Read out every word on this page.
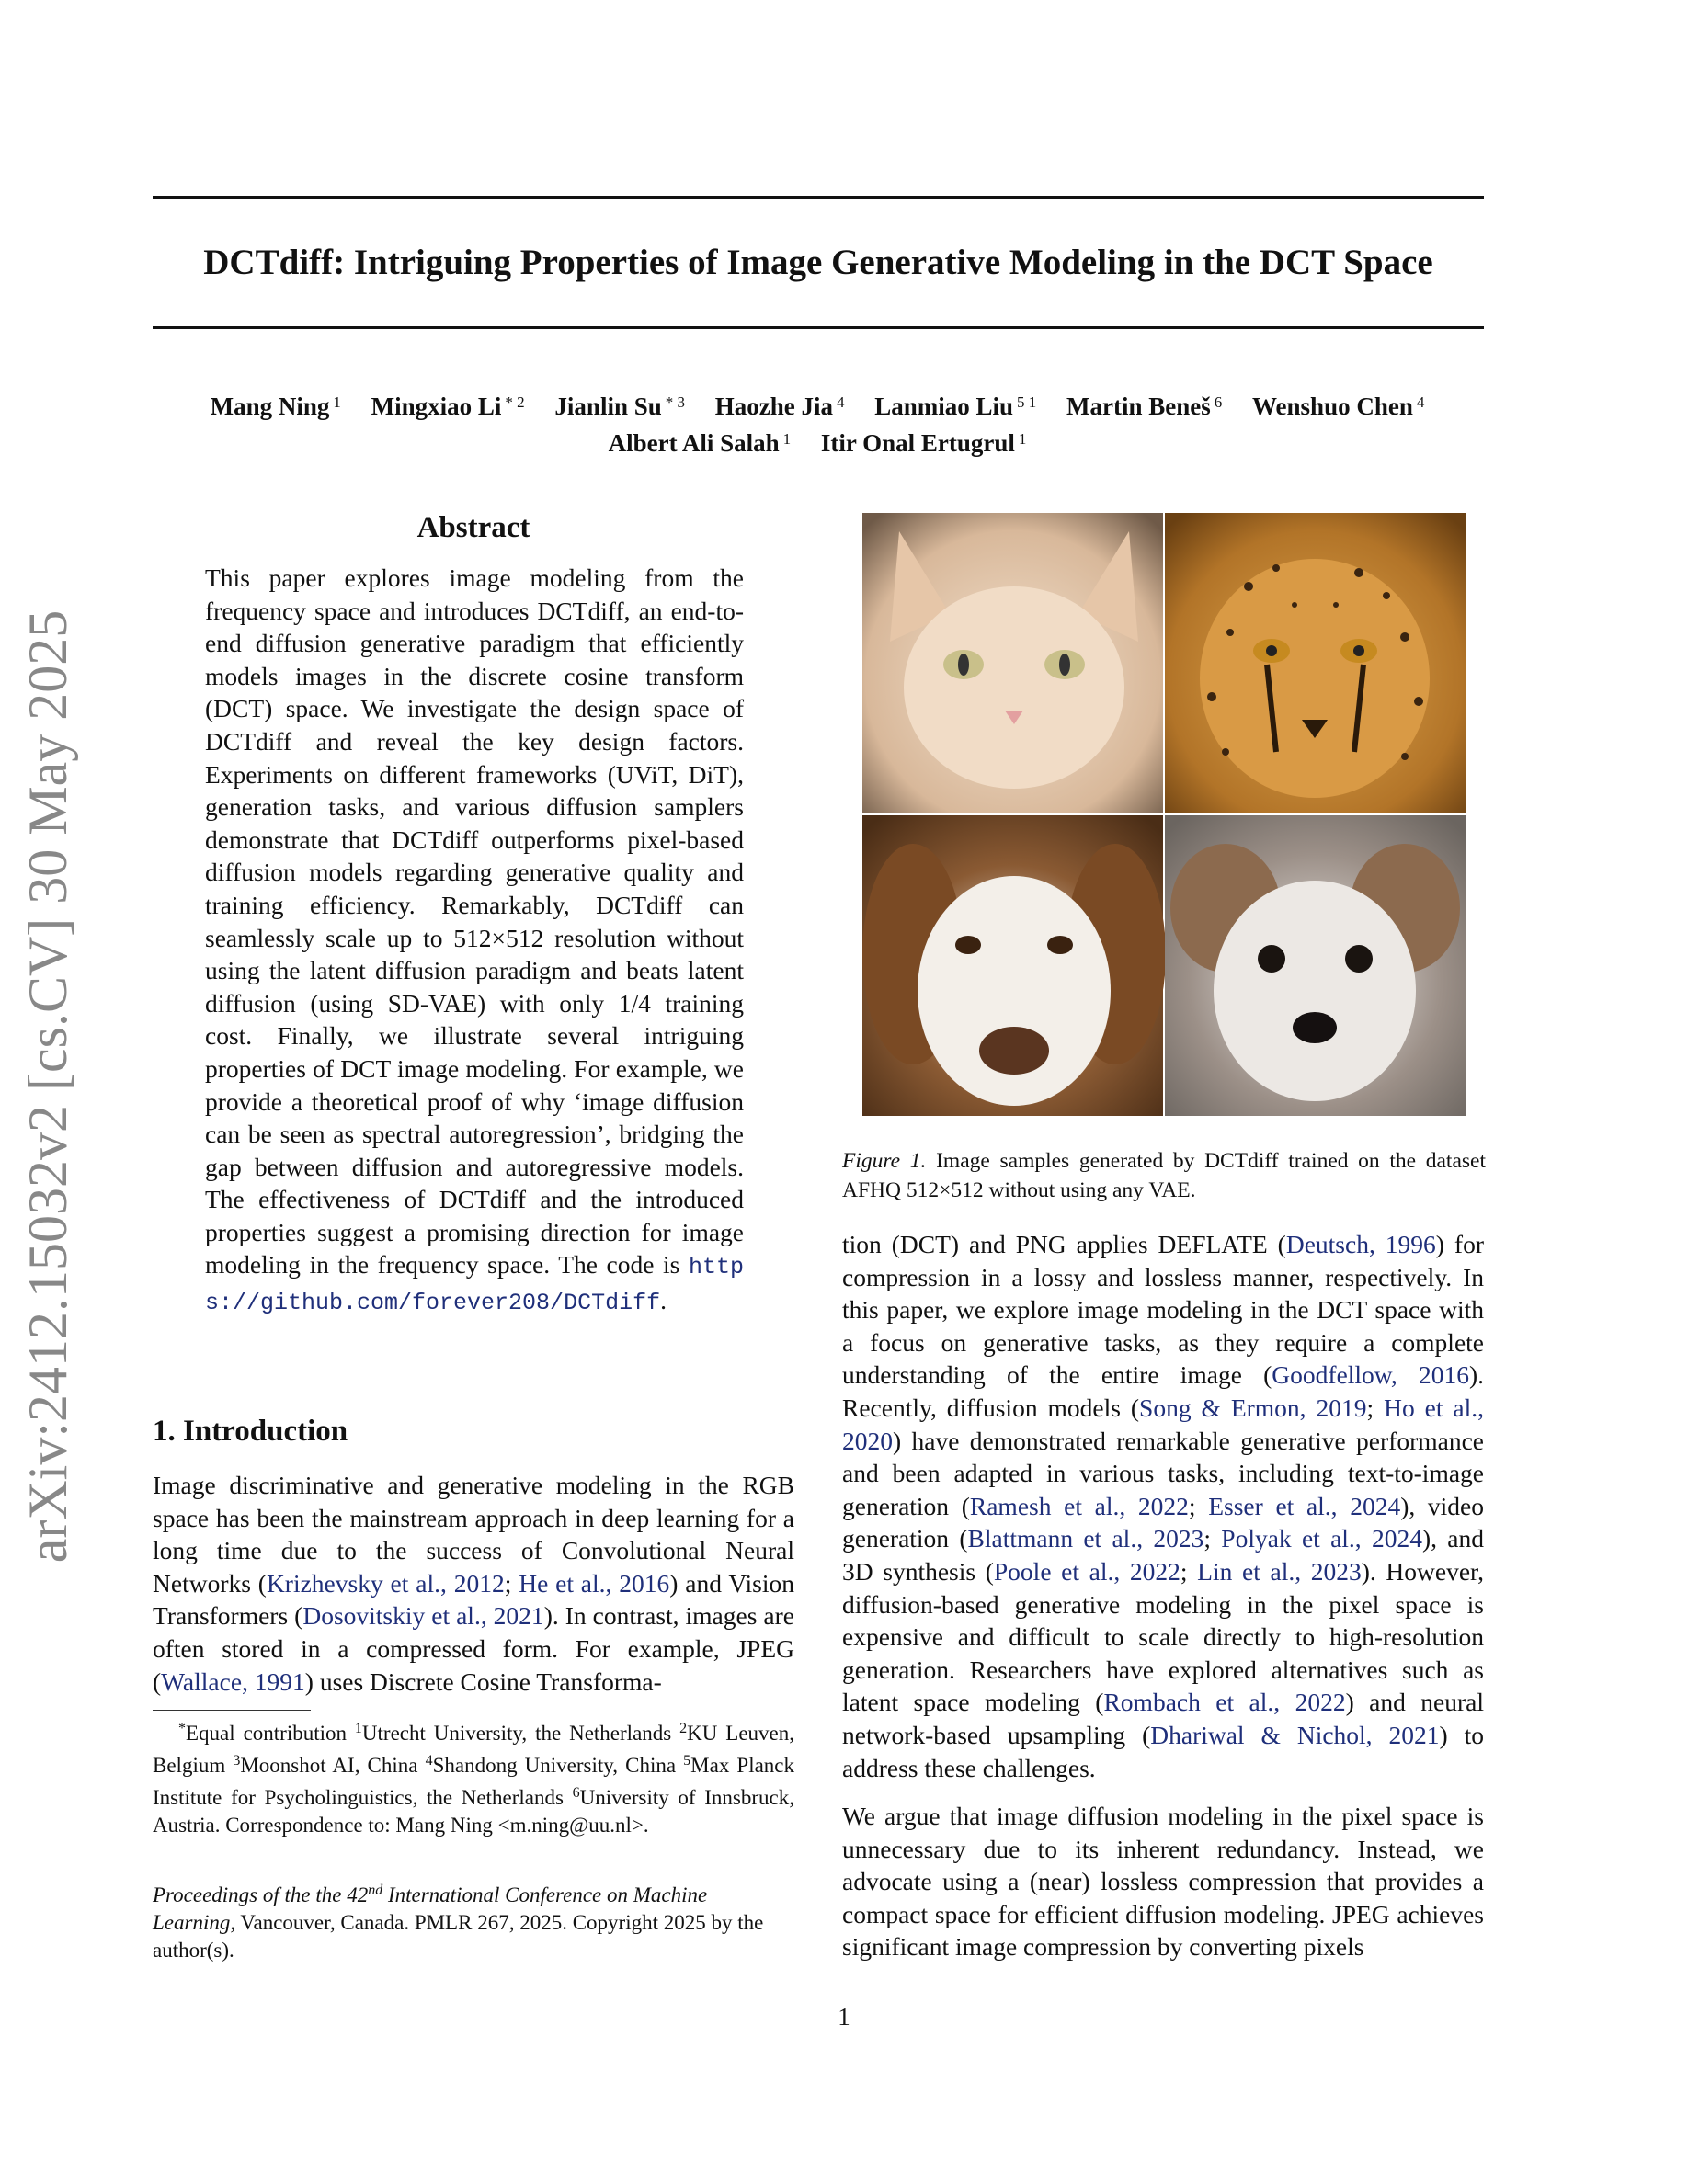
DCTdiff: Intriguing Properties of Image Generative Modeling in the DCT Space
Mang Ning $^1$ Mingxiao Li $^{* 2}$ Jianlin Su $^{* 3}$ Haozhe Jia $^4$ Lanmiao Liu $^{5 1}$ Martin Beneš $^6$ Wenshuo Chen $^4$
Albert Ali Salah $^1$ Itir Onal Ertugrul $^1$
arXiv:2412.15032v2 [cs.CV] 30 May 2025
Abstract
This paper explores image modeling from the frequency space and introduces DCTdiff, an end-to-end diffusion generative paradigm that efficiently models images in the discrete cosine transform (DCT) space. We investigate the design space of DCTdiff and reveal the key design factors. Experiments on different frameworks (UViT, DiT), generation tasks, and various diffusion samplers demonstrate that DCTdiff outperforms pixel-based diffusion models regarding generative quality and training efficiency. Remarkably, DCTdiff can seamlessly scale up to 512×512 resolution without using the latent diffusion paradigm and beats latent diffusion (using SD-VAE) with only 1/4 training cost. Finally, we illustrate several intriguing properties of DCT image modeling. For example, we provide a theoretical proof of why ‘image diffusion can be seen as spectral autoregression’, bridging the gap between diffusion and autoregressive models. The effectiveness of DCTdiff and the introduced properties suggest a promising direction for image modeling in the frequency space. The code is https://github.com/forever208/DCTdiff.
1. Introduction
Image discriminative and generative modeling in the RGB space has been the mainstream approach in deep learning for a long time due to the success of Convolutional Neural Networks (Krizhevsky et al., 2012; He et al., 2016) and Vision Transformers (Dosovitskiy et al., 2021). In contrast, images are often stored in a compressed form. For example, JPEG (Wallace, 1991) uses Discrete Cosine Transforma-
*Equal contribution $^1$Utrecht University, the Netherlands $^2$KU Leuven, Belgium $^3$Moonshot AI, China $^4$Shandong University, China $^5$Max Planck Institute for Psycholinguistics, the Netherlands $^6$University of Innsbruck, Austria. Correspondence to: Mang Ning <m.ning@uu.nl>.
Proceedings of the the 42nd International Conference on Machine Learning, Vancouver, Canada. PMLR 267, 2025. Copyright 2025 by the author(s).
Figure 1. Image samples generated by DCTdiff trained on the dataset AFHQ 512×512 without using any VAE.

tion (DCT) and PNG applies DEFLATE (Deutsch, 1996) for compression in a lossy and lossless manner, respectively. In this paper, we explore image modeling in the DCT space with a focus on generative tasks, as they require a complete understanding of the entire image (Goodfellow, 2016). Recently, diffusion models (Song & Ermon, 2019; Ho et al., 2020) have demonstrated remarkable generative performance and been adapted in various tasks, including text-to-image generation (Ramesh et al., 2022; Esser et al., 2024), video generation (Blattmann et al., 2023; Polyak et al., 2024), and 3D synthesis (Poole et al., 2022; Lin et al., 2023). However, diffusion-based generative modeling in the pixel space is expensive and difficult to scale directly to high-resolution generation. Researchers have explored alternatives such as latent space modeling (Rombach et al., 2022) and neural network-based upsampling (Dhariwal & Nichol, 2021) to address these challenges.

We argue that image diffusion modeling in the pixel space is unnecessary due to its inherent redundancy. Instead, we advocate using a (near) lossless compression that provides a compact space for efficient diffusion modeling. JPEG achieves significant image compression by converting pixels

1
